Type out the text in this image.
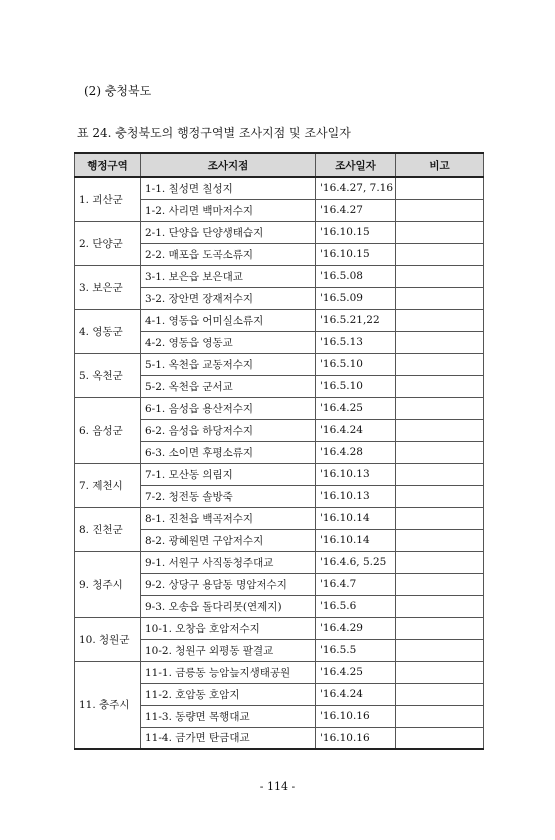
(2) 충청북도
표 24. 충청북도의 행정구역별 조사지점 및 조사일자
행정구역	조사지점	조사일자	비고
1. 괴산군	1-1. 칠성면 칠성지	'16.4.27, 7.16	
	1-2. 사리면 백마저수지	'16.4.27	
2. 단양군	2-1. 단양읍 단양생태습지	'16.10.15	
	2-2. 매포읍 도곡소류지	'16.10.15	
3. 보은군	3-1. 보은읍 보은대교	'16.5.08	
	3-2. 장안면 장재저수지	'16.5.09	
4. 영동군	4-1. 영동읍 어미실소류지	'16.5.21,22	
	4-2. 영동읍 영동교	'16.5.13	
5. 옥천군	5-1. 옥천읍 교동저수지	'16.5.10	
	5-2. 옥천읍 군서교	'16.5.10	
6. 음성군	6-1. 음성읍 용산저수지	'16.4.25	
	6-2. 음성읍 하당저수지	'16.4.24	
	6-3. 소이면 후평소류지	'16.4.28	
7. 제천시	7-1. 모산동 의림지	'16.10.13	
	7-2. 청전동 솔방죽	'16.10.13	
8. 진천군	8-1. 진천읍 백곡저수지	'16.10.14	
	8-2. 광혜원면 구암저수지	'16.10.14	
9. 청주시	9-1. 서원구 사직동청주대교	'16.4.6, 5.25	
	9-2. 상당구 용담동 명암저수지	'16.4.7	
	9-3. 오송읍 돌다리못(연제지)	'16.5.6	
10. 청원군	10-1. 오창읍 호암저수지	'16.4.29	
	10-2. 청원구 외평동 팔결교	'16.5.5	
11. 충주시	11-1. 금릉동 능암늪지생태공원	'16.4.25	
	11-2. 호암동 호암지	'16.4.24	
	11-3. 동량면 목행대교	'16.10.16	
	11-4. 금가면 탄금대교	'16.10.16	
- 114 -
